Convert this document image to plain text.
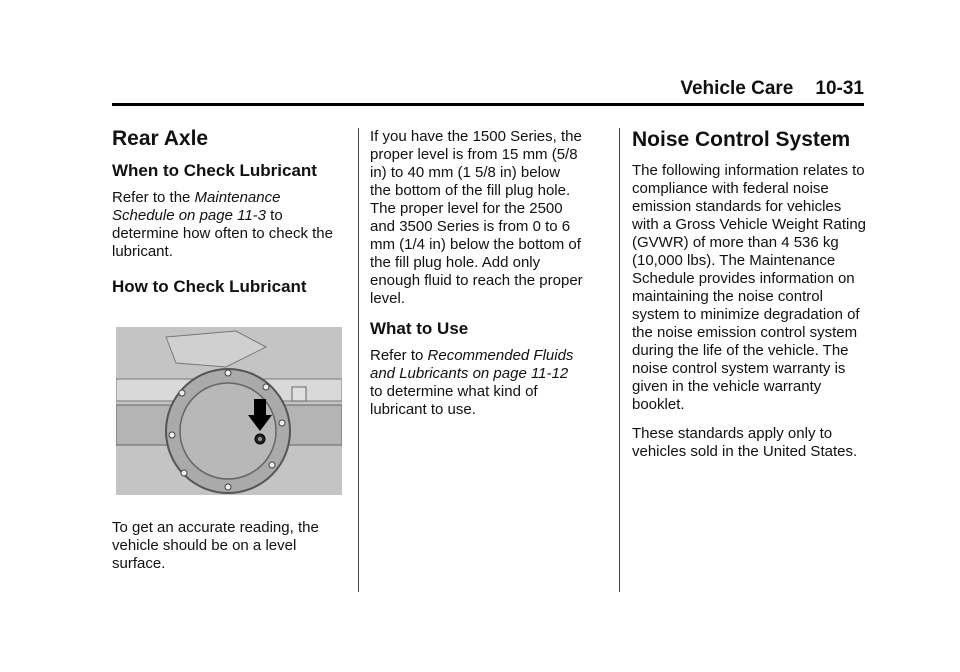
Vehicle Care 10-31
Rear Axle
When to Check Lubricant

Refer to the Maintenance Schedule on page 11-3 to determine how often to check the lubricant.

How to Check Lubricant

To get an accurate reading, the vehicle should be on a level surface.

If you have the 1500 Series, the proper level is from 15 mm (5/8 in) to 40 mm (1 5/8 in) below the bottom of the fill plug hole. The proper level for the 2500 and 3500 Series is from 0 to 6 mm (1/4 in) below the bottom of the fill plug hole. Add only enough fluid to reach the proper level.

What to Use

Refer to Recommended Fluids and Lubricants on page 11-12 to determine what kind of lubricant to use.

Noise Control System

The following information relates to compliance with federal noise emission standards for vehicles with a Gross Vehicle Weight Rating (GVWR) of more than 4 536 kg (10,000 lbs). The Maintenance Schedule provides information on maintaining the noise control system to minimize degradation of the noise emission control system during the life of the vehicle. The noise control system warranty is given in the vehicle warranty booklet.

These standards apply only to vehicles sold in the United States.
